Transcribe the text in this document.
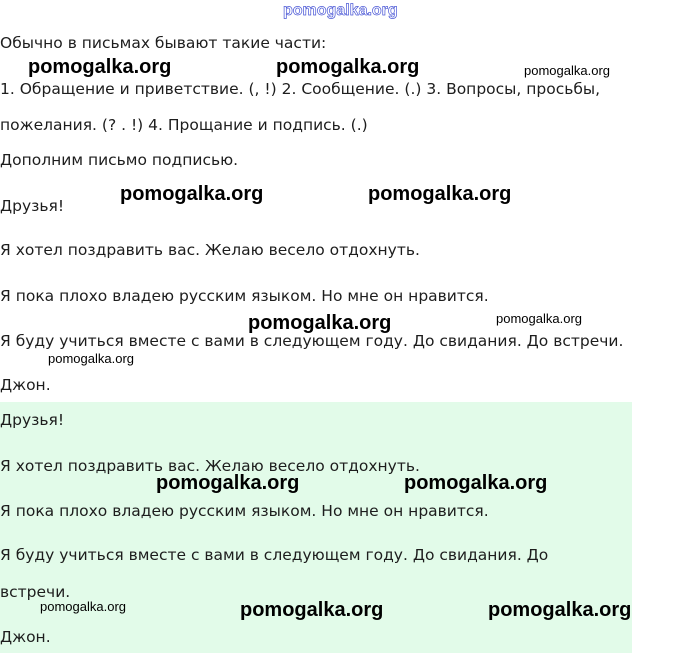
Обычно в письмах бывают такие части:

1. Обращение и приветствие. (, !) 2. Сообщение. (.) 3. Вопросы, просьбы,

пожелания. (? . !) 4. Прощание и подпись. (.)

Дополним письмо подписью.

Друзья!

Я хотел поздравить вас. Желаю весело отдохнуть.

Я пока плохо владею русским языком. Но мне он нравится.

Я буду учиться вместе с вами в следующем году. До свидания. До встречи.

Джон.

Друзья!

Я хотел поздравить вас. Желаю весело отдохнуть.

Я пока плохо владею русским языком. Но мне он нравится.

Я буду учиться вместе с вами в следующем году. До свидания. До

встречи.

Джон.

pomogalka.org
pomogalka.org	pomogalka.org	pomogalka.org
pomogalka.org	pomogalka.org
pomogalka.org	pomogalka.org
pomogalka.org
pomogalka.org	pomogalka.org
pomogalka.org	pomogalka.org	pomogalka.org
